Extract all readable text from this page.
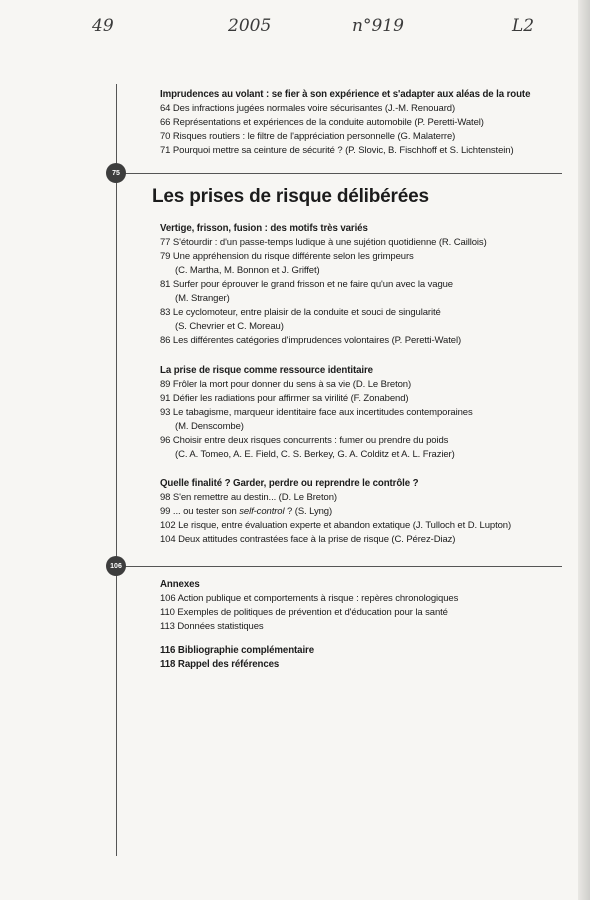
49	2005	n°919	L2
75
106
Imprudences au volant : se fier à son expérience et s'adapter aux aléas de la route
64 Des infractions jugées normales voire sécurisantes (J.-M. Renouard)
66 Représentations et expériences de la conduite automobile (P. Peretti-Watel)
70 Risques routiers : le filtre de l'appréciation personnelle (G. Malaterre)
71 Pourquoi mettre sa ceinture de sécurité ? (P. Slovic, B. Fischhoff et S. Lichtenstein)
Les prises de risque délibérées
Vertige, frisson, fusion : des motifs très variés
77 S'étourdir : d'un passe-temps ludique à une sujétion quotidienne (R. Caillois)
79 Une appréhension du risque différente selon les grimpeurs
(C. Martha, M. Bonnon et J. Griffet)
81 Surfer pour éprouver le grand frisson et ne faire qu'un avec la vague
(M. Stranger)
83 Le cyclomoteur, entre plaisir de la conduite et souci de singularité
(S. Chevrier et C. Moreau)
86 Les différentes catégories d'imprudences volontaires (P. Peretti-Watel)
La prise de risque comme ressource identitaire
89 Frôler la mort pour donner du sens à sa vie (D. Le Breton)
91 Défier les radiations pour affirmer sa virilité (F. Zonabend)
93 Le tabagisme, marqueur identitaire face aux incertitudes contemporaines
(M. Denscombe)
96 Choisir entre deux risques concurrents : fumer ou prendre du poids
(C. A. Tomeo, A. E. Field, C. S. Berkey, G. A. Colditz et A. L. Frazier)
Quelle finalité ? Garder, perdre ou reprendre le contrôle ?
98 S'en remettre au destin... (D. Le Breton)
99 ... ou tester son self-control ? (S. Lyng)
102 Le risque, entre évaluation experte et abandon extatique (J. Tulloch et D. Lupton)
104 Deux attitudes contrastées face à la prise de risque (C. Pérez-Diaz)
Annexes
106 Action publique et comportements à risque : repères chronologiques
110 Exemples de politiques de prévention et d'éducation pour la santé
113 Données statistiques
116 Bibliographie complémentaire
118 Rappel des références
